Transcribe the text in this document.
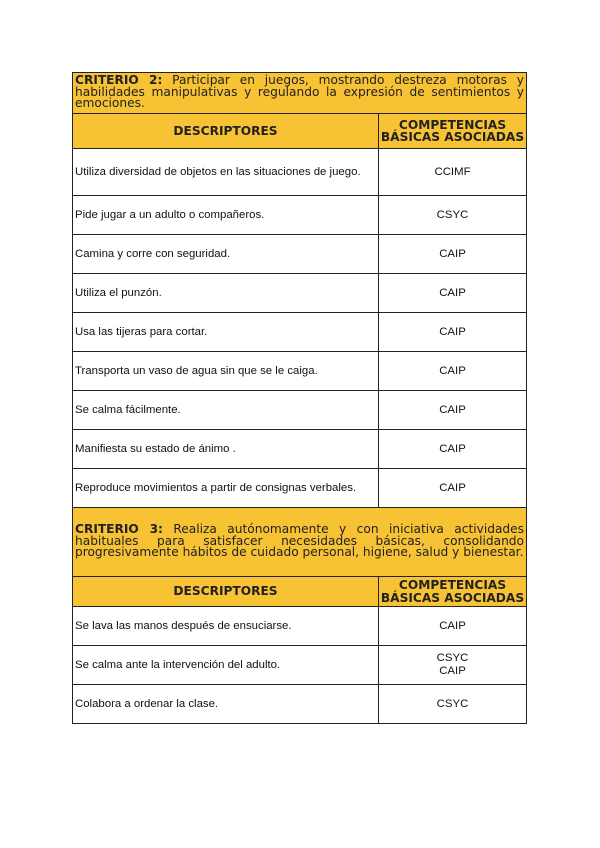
CRITERIO 2: Participar en juegos, mostrando destreza motoras y habilidades manipulativas y regulando la expresión de sentimientos y emociones.	
DESCRIPTORES	COMPETENCIAS
BÁSICAS ASOCIADAS

Utiliza diversidad de objetos en las situaciones de juego.	CCIMF

Pide jugar a un adulto o compañeros.	CSYC

Camina y corre con seguridad.	CAIP

Utiliza el punzón.	CAIP

Usa las tijeras para cortar.	CAIP

Transporta un vaso de agua sin que se le caiga.	CAIP

Se calma fácilmente.	CAIP

Manifiesta su estado de ánimo .	CAIP

Reproduce movimientos a partir de consignas verbales.	CAIP

CRITERIO 3: Realiza autónomamente y con iniciativa actividades habituales para satisfacer necesidades básicas, consolidando progresivamente hábitos de cuidado personal, higiene, salud y bienestar.	
DESCRIPTORES	COMPETENCIAS
BÁSICAS ASOCIADAS

Se lava las manos después de ensuciarse.	CAIP

Se calma ante la intervención del adulto.	CSYC
CAIP

Colabora a ordenar la clase.	CSYC
